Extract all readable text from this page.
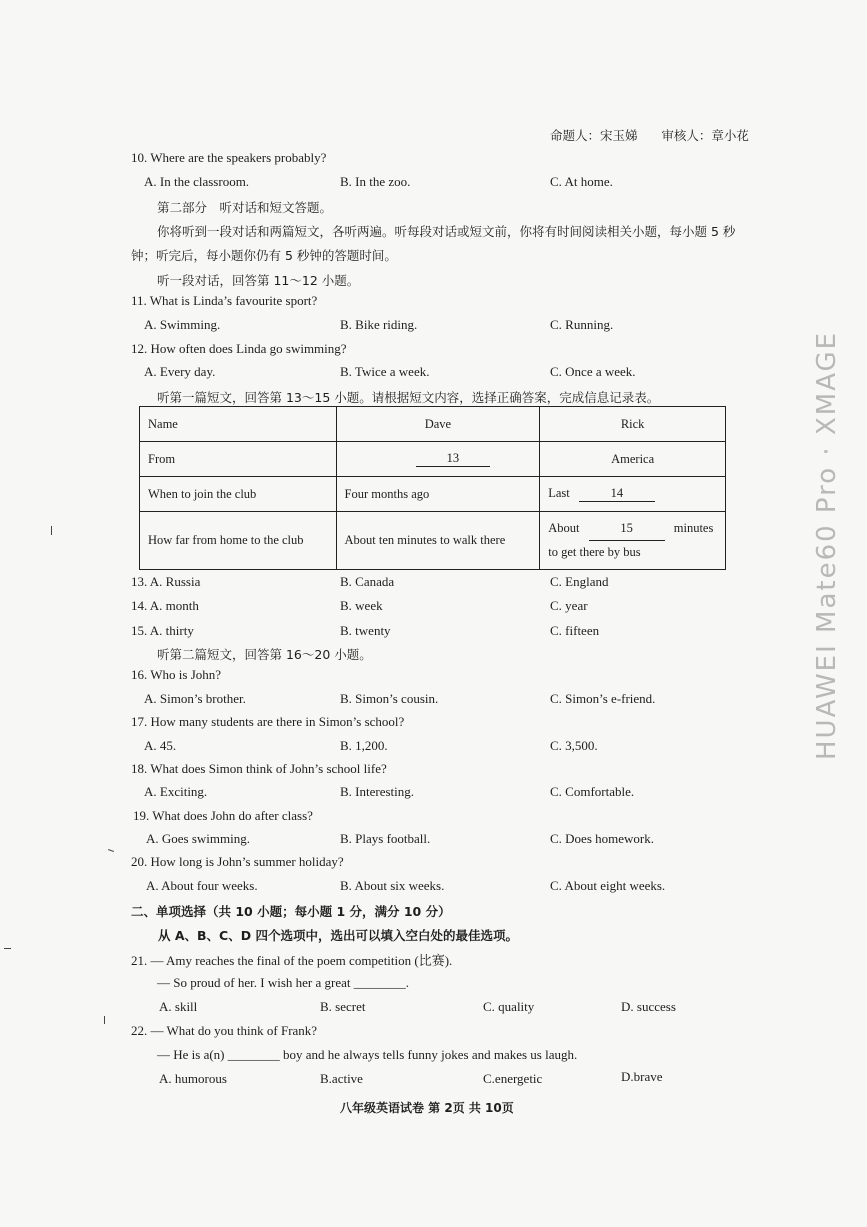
命题人：宋玉娣 审核人：章小花
10. Where are the speakers probably?
A. In the classroom.	B. In the zoo.	C. At home.
第二部分　听对话和短文答题。
你将听到一段对话和两篇短文，各听两遍。听每段对话或短文前，你将有时间阅读相关小题，每小题 5 秒
钟；听完后，每小题你仍有 5 秒钟的答题时间。
听一段对话，回答第 11～12 小题。
11. What is Linda’s favourite sport?
A. Swimming.	B. Bike riding.	C. Running.
12. How often does Linda go swimming?
A. Every day.	B. Twice a week.	C. Once a week.
听第一篇短文，回答第 13～15 小题。请根据短文内容，选择正确答案，完成信息记录表。
Name	Dave	Rick
From	13	America
When to join the club	Four months ago	Last 14
How far from home to the club	About ten minutes to walk there	About 15 minutes
to get there by bus
13. A. Russia	B. Canada	C. England
14. A. month	B. week	C. year
15. A. thirty	B. twenty	C. fifteen
听第二篇短文，回答第 16～20 小题。
16. Who is John?
A. Simon’s brother.	B. Simon’s cousin.	C. Simon’s e-friend.
17. How many students are there in Simon’s school?
A. 45.	B. 1,200.	C. 3,500.
18. What does Simon think of John’s school life?
A. Exciting.	B. Interesting.	C. Comfortable.
19. What does John do after class?
A. Goes swimming.	B. Plays football.	C. Does homework.
20. How long is John’s summer holiday?
A. About four weeks.	B. About six weeks.	C. About eight weeks.
二、单项选择（共 10 小题；每小题 1 分，满分 10 分）
从 A、B、C、D 四个选项中，选出可以填入空白处的最佳选项。
21. — Amy reaches the final of the poem competition (比赛).
— So proud of her. I wish her a great ________.
A. skill	B. secret	C. quality	D. success
22. — What do you think of Frank?
— He is a(n) ________ boy and he always tells funny jokes and makes us laugh.
A. humorous	B.active	C.energetic	D.brave
八年级英语试卷 第 2页 共 10页
HUAWEI Mate60 Pro · XMAGE
